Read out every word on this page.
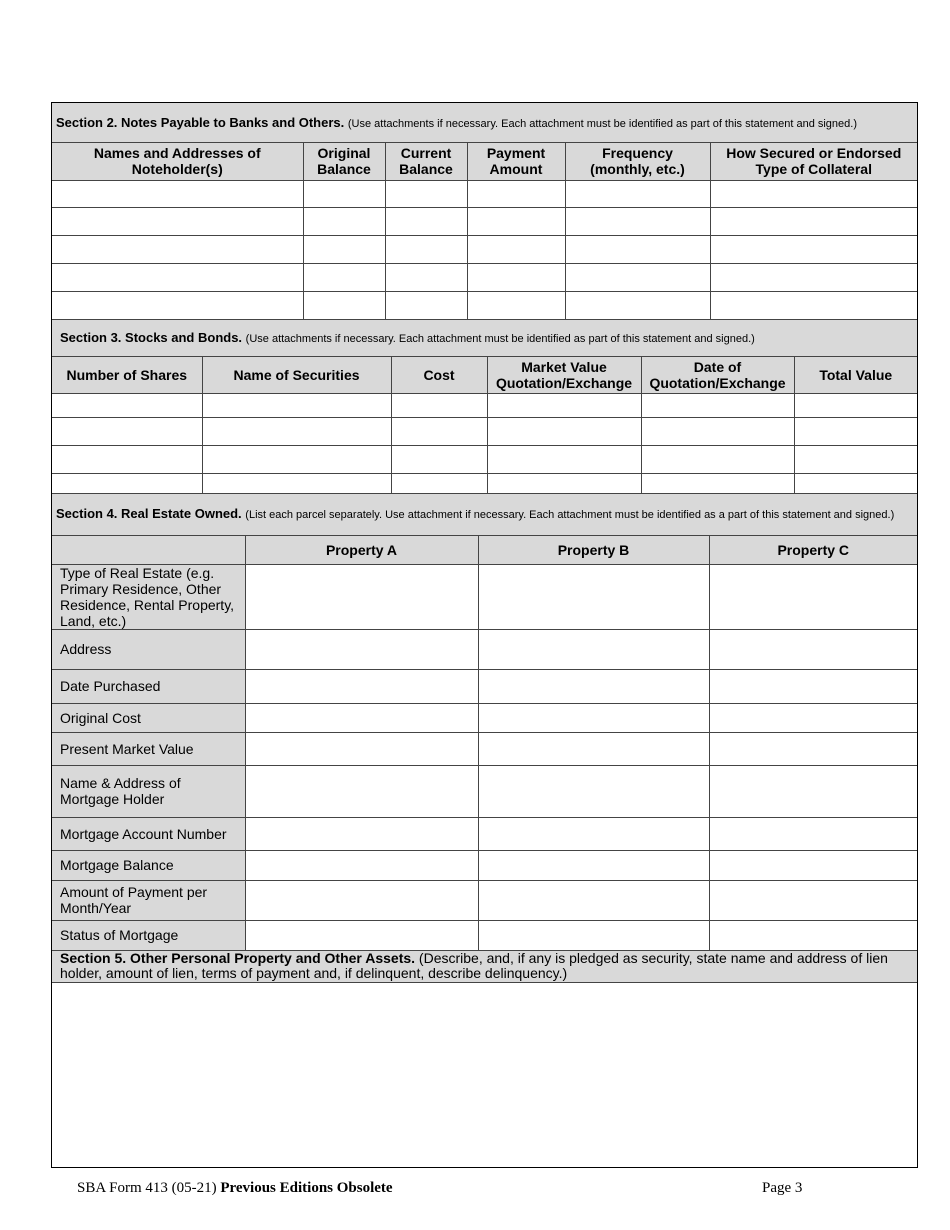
Section 2. Notes Payable to Banks and Others. (Use attachments if necessary. Each attachment must be identified as part of this statement and signed.)					
Names and Addresses of Noteholder(s)	Original Balance	Current Balance	Payment Amount	Frequency (monthly, etc.)	How Secured or Endorsed Type of Collateral

Section 3. Stocks and Bonds. (Use attachments if necessary. Each attachment must be identified as part of this statement and signed.)					
Number of Shares	Name of Securities	Cost	Market Value Quotation/Exchange	Date of Quotation/Exchange	Total Value

Section 4. Real Estate Owned. (List each parcel separately. Use attachment if necessary. Each attachment must be identified as a part of this statement and signed.)			
	Property A	Property B	Property C
Type of Real Estate (e.g. Primary Residence, Other Residence, Rental Property, Land, etc.)			
Address			
Date Purchased			
Original Cost			
Present Market Value			
Name & Address of Mortgage Holder			
Mortgage Account Number			
Mortgage Balance			
Amount of Payment per Month/Year			
Status of Mortgage			
Section 5. Other Personal Property and Other Assets. (Describe, and, if any is pledged as security, state name and address of lien holder, amount of lien, terms of payment and, if delinquent, describe delinquency.)

SBA Form 413 (05-21) Previous Editions Obsolete	Page 3
